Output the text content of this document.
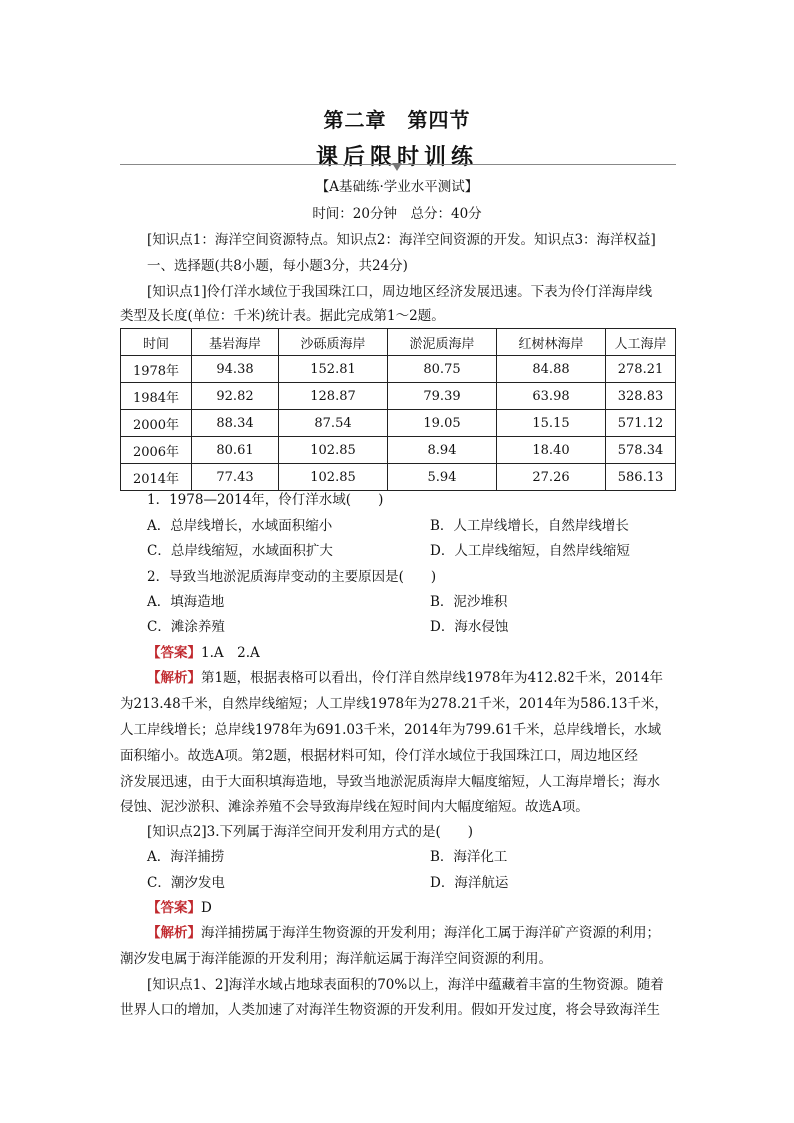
第二章　第四节
课后限时训练
【A基础练·学业水平测试】
时间：20分钟　总分：40分
[知识点1：海洋空间资源特点。知识点2：海洋空间资源的开发。知识点3：海洋权益]
一、选择题(共8小题，每小题3分，共24分)
[知识点1]伶仃洋水域位于我国珠江口，周边地区经济发展迅速。下表为伶仃洋海岸线
类型及长度(单位：千米)统计表。据此完成第1～2题。
时间	基岩海岸	沙砾质海岸	淤泥质海岸	红树林海岸	人工海岸
1978年	94.38	152.81	80.75	84.88	278.21
1984年	92.82	128.87	79.39	63.98	328.83
2000年	88.34	87.54	19.05	15.15	571.12
2006年	80.61	102.85	8.94	18.40	578.34
2014年	77.43	102.85	5.94	27.26	586.13
1．1978—2014年，伶仃洋水域(　　)
A．总岸线增长，水域面积缩小	B．人工岸线增长，自然岸线增长
C．总岸线缩短，水域面积扩大	D．人工岸线缩短，自然岸线缩短
2．导致当地淤泥质海岸变动的主要原因是(　　)
A．填海造地	B．泥沙堆积
C．滩涂养殖	D．海水侵蚀
【答案】1.A　2.A
【解析】第1题，根据表格可以看出，伶仃洋自然岸线1978年为412.82千米，2014年
为213.48千米，自然岸线缩短；人工岸线1978年为278.21千米，2014年为586.13千米，
人工岸线增长；总岸线1978年为691.03千米，2014年为799.61千米，总岸线增长，水域
面积缩小。故选A项。第2题，根据材料可知，伶仃洋水域位于我国珠江口，周边地区经
济发展迅速，由于大面积填海造地，导致当地淤泥质海岸大幅度缩短，人工海岸增长；海水
侵蚀、泥沙淤积、滩涂养殖不会导致海岸线在短时间内大幅度缩短。故选A项。
[知识点2]3.下列属于海洋空间开发利用方式的是(　　)
A．海洋捕捞	B．海洋化工
C．潮汐发电	D．海洋航运
【答案】D
【解析】海洋捕捞属于海洋生物资源的开发利用；海洋化工属于海洋矿产资源的利用；
潮汐发电属于海洋能源的开发利用；海洋航运属于海洋空间资源的利用。
[知识点1、2]海洋水域占地球表面积的70%以上，海洋中蕴藏着丰富的生物资源。随着
世界人口的增加，人类加速了对海洋生物资源的开发利用。假如开发过度，将会导致海洋生
